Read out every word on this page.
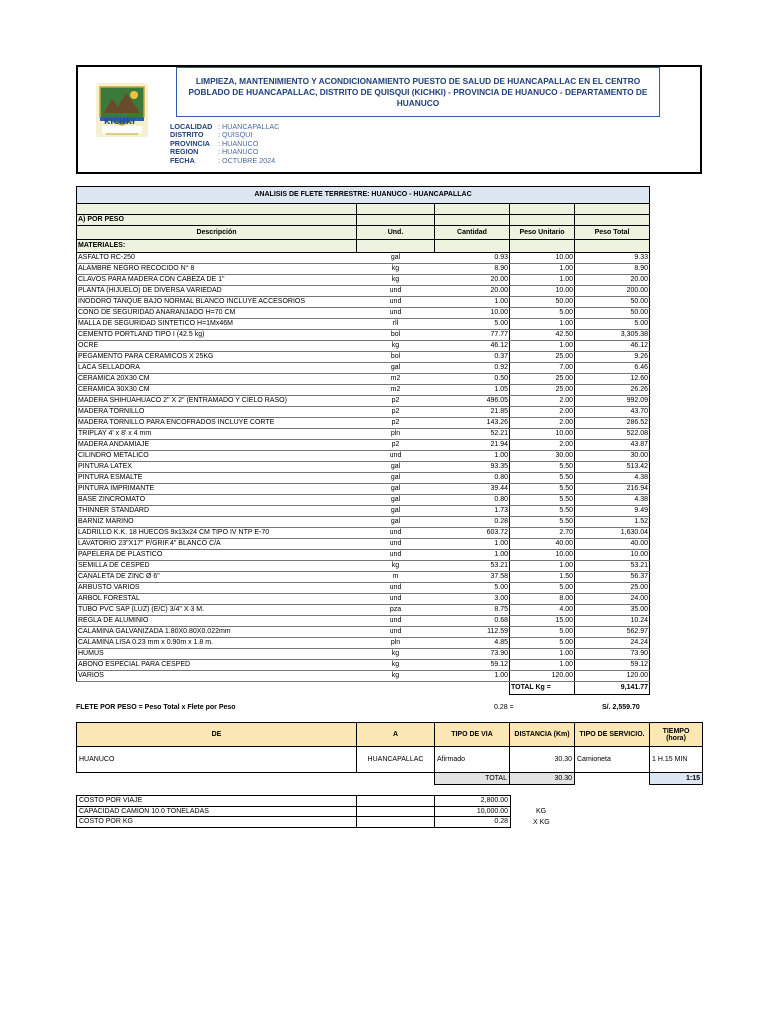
KICHKI
LIMPIEZA, MANTENIMIENTO Y ACONDICIONAMIENTO PUESTO DE SALUD DE HUANCAPALLAC EN EL CENTRO POBLADO DE HUANCAPALLAC, DISTRITO DE QUISQUI (KICHKI) - PROVINCIA DE HUANUCO - DEPARTAMENTO DE HUANUCO
LOCALIDAD : HUANCAPALLAC
DISTRITO	: QUISQUI
PROVINCIA	: HUANUCO
REGION	: HUANUCO
FECHA	: OCTUBRE 2024
ANALISIS DE FLETE TERRESTRE: HUANUCO - HUANCAPALLAC				

A) POR PESO				
Descripción	Und.	Cantidad	Peso Unitario	Peso Total
MATERIALES:				
ASFALTO RC-250	gal	0.93	10.00	9.33
ALAMBRE NEGRO RECOCIDO N° 8	kg	8.90	1.00	8.90
CLAVOS PARA MADERA CON CABEZA DE 1"	kg	20.00	1.00	20.00
PLANTA (HIJUELO) DE DIVERSA VARIEDAD	und	20.00	10.00	200.00
INODORO TANQUE BAJO NORMAL BLANCO INCLUYE ACCESORIOS	und	1.00	50.00	50.00
CONO DE SEGURIDAD ANARANJADO H=70 CM	und	10.00	5.00	50.00
MALLA DE SEGURIDAD SINTETICO H=1Mx46M	rll	5.00	1.00	5.00
CEMENTO PORTLAND TIPO I (42.5 kg)	bol	77.77	42.50	3,305.38
OCRE	kg	46.12	1.00	46.12
PEGAMENTO PARA CERAMICOS X 25KG	bol	0.37	25.00	9.26
LACA SELLADORA	gal	0.92	7.00	6.46
CERAMICA 20X30 CM	m2	0.50	25.00	12.60
CERAMICA 30X30 CM	m2	1.05	25.00	26.26
MADERA SHIHUAHUACO 2" X 2" (ENTRAMADO Y CIELO RASO)	p2	496.05	2.00	992.09
MADERA TORNILLO	p2	21.85	2.00	43.70
MADERA TORNILLO PARA ENCOFRADOS INCLUYE CORTE	p2	143.26	2.00	286.52
TRIPLAY 4' x 8' x 4 mm	pln	52.21	10.00	522.08
MADERA ANDAMIAJE	p2	21.94	2.00	43.87
CILINDRO METALICO	und	1.00	30.00	30.00
PINTURA LATEX	gal	93.35	5.50	513.42
PINTURA ESMALTE	gal	0.80	5.50	4.38
PINTURA IMPRIMANTE	gal	39.44	5.50	216.94
BASE ZINCROMATO	gal	0.80	5.50	4.38
THINNER STANDARD	gal	1.73	5.50	9.49
BARNIZ MARINO	gal	0.28	5.50	1.52
LADRILLO K.K. 18 HUECOS 9x13x24 CM TIPO IV NTP E-70	und	603.72	2.70	1,630.04
LAVATORIO 23"X17" P/GRIF.4" BLANCO C/A	und	1.00	40.00	40.00
PAPELERA DE PLASTICO	und	1.00	10.00	10.00
SEMILLA DE CESPED	kg	53.21	1.00	53.21
CANALETA DE ZINC Ø 6"	m	37.58	1.50	56.37
ARBUSTO VARIOS	und	5.00	5.00	25.00
ARBOL FORESTAL	und	3.00	8.00	24.00
TUBO PVC SAP (LUZ) (E/C) 3/4" X 3 M.	pza	8.75	4.00	35.00
REGLA DE ALUMINIO	und	0.68	15.00	10.24
CALAMINA GALVANIZADA 1.80X0.80X0.022mm	und	112.59	5.00	562.97
CALAMINA LISA 0.23 mm x 0.90m x 1.8 m.	pln	4.85	5.00	24.24
HUMUS	kg	73.90	1.00	73.90
ABONO ESPECIAL PARA CESPED	kg	59.12	1.00	59.12
VARIOS	kg	1.00	120.00	120.00
			TOTAL Kg =	9,141.77
FLETE POR PESO = Peso Total x Flete por Peso	0.28 =	S/. 2,559.70
DE	A	TIPO DE VIA	DISTANCIA (Km)	TIPO DE SERVICIO.	TIEMPO (hora)
HUANUCO	HUANCAPALLAC	Afirmado	30.30	Camioneta	1 H.15 MIN
		TOTAL	30.30		1:15
COSTO POR VIAJE		2,800.00
CAPACIDAD CAMION 10.0 TONELADAS		10,000.00
COSTO POR KG		0.28
KG
X KG
